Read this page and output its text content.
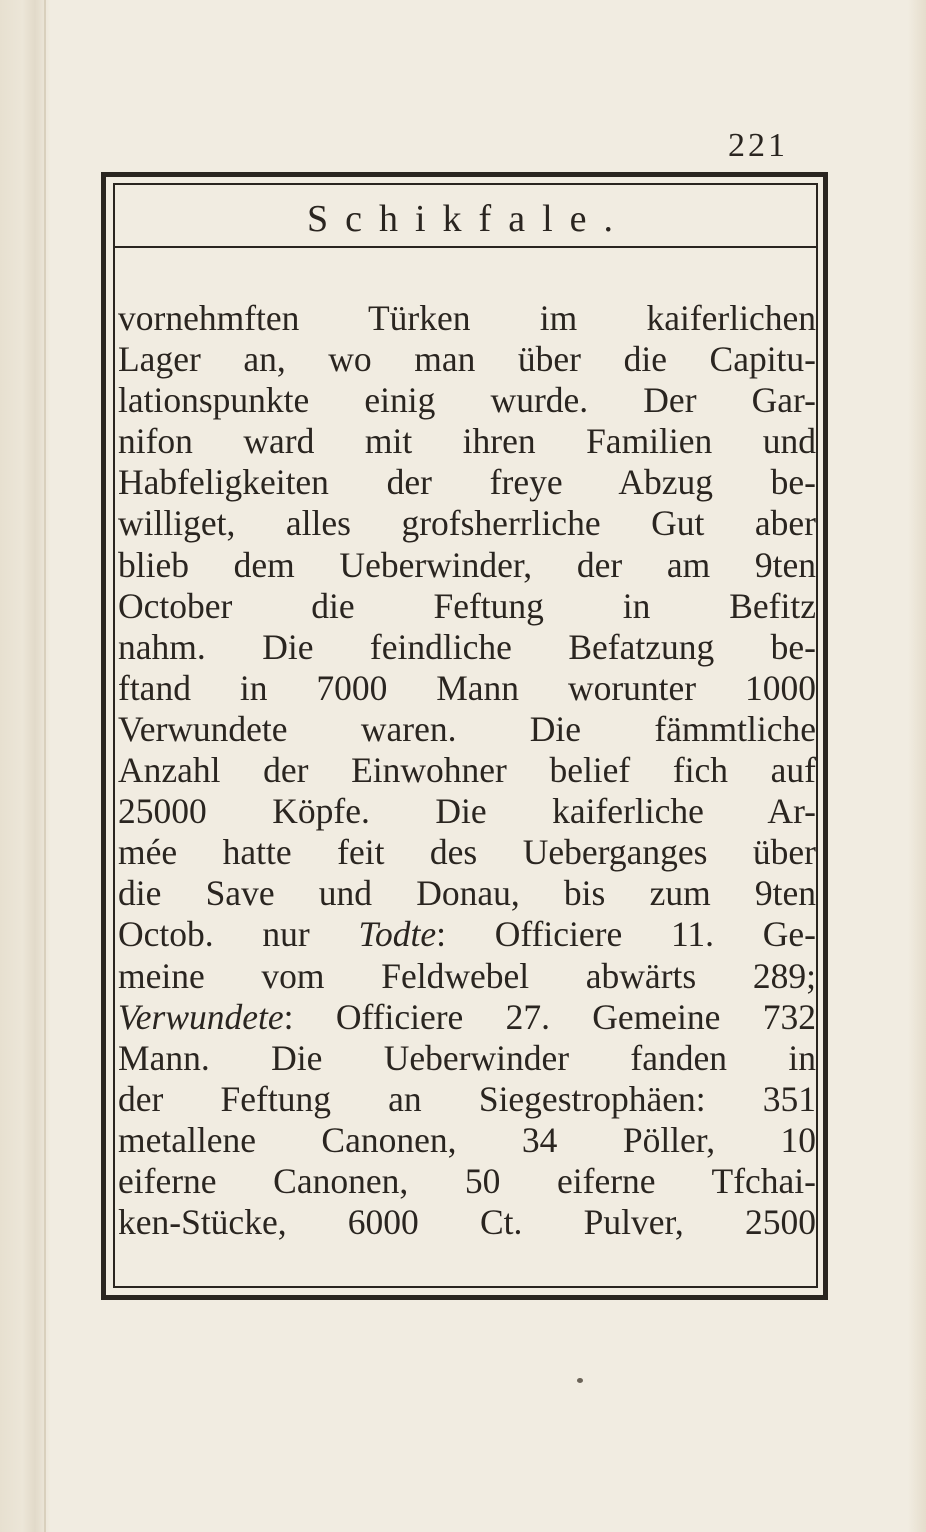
221
Schikfale.
vornehmften Türken im kaiferlichen
Lager an, wo man über die Capitu-
lationspunkte einig wurde. Der Gar-
nifon ward mit ihren Familien und
Habfeligkeiten der freye Abzug be-
williget, alles grofsherrliche Gut aber
blieb dem Ueberwinder, der am 9ten
October die Feftung in Befitz
nahm. Die feindliche Befatzung be-
ftand in 7000 Mann worunter 1000
Verwundete waren. Die fämmtliche
Anzahl der Einwohner belief fich auf
25000 Köpfe. Die kaiferliche Ar-
mée hatte feit des Ueberganges über
die Save und Donau, bis zum 9ten
Octob. nur Todte: Officiere 11. Ge-
meine vom Feldwebel abwärts 289;
Verwundete: Officiere 27. Gemeine 732
Mann. Die Ueberwinder fanden in
der Feftung an Siegestrophäen: 351
metallene Canonen, 34 Pöller, 10
eiferne Canonen, 50 eiferne Tfchai-
ken-Stücke, 6000 Ct. Pulver, 2500
